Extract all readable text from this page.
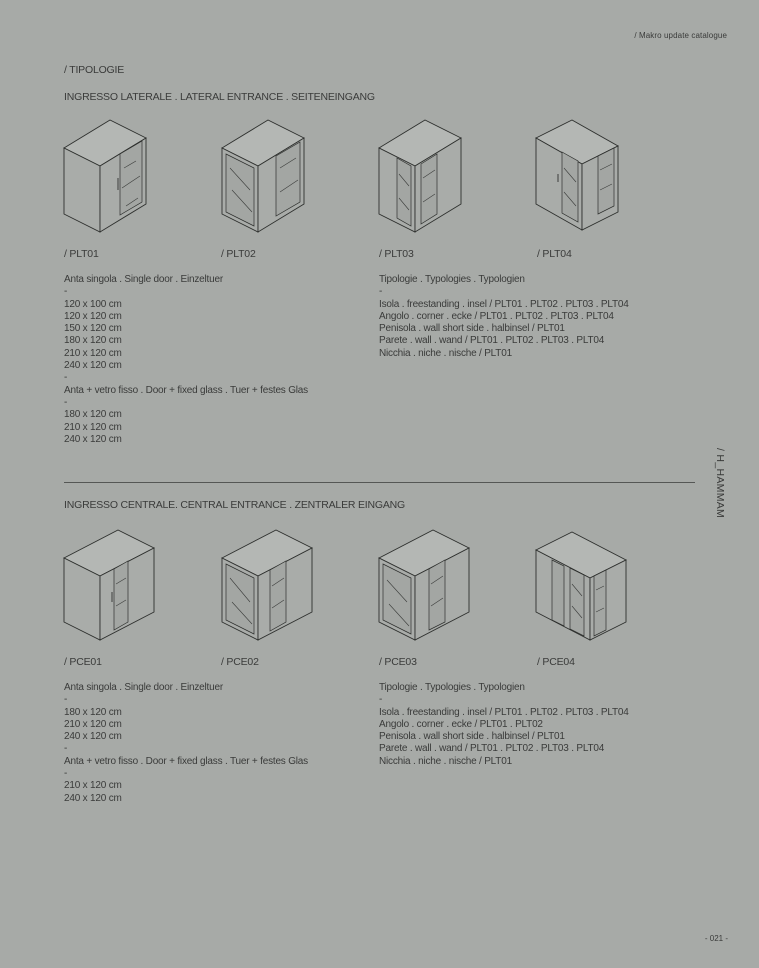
/ Makro update catalogue
/ TIPOLOGIE
INGRESSO LATERALE . LATERAL ENTRANCE . SEITENEINGANG
/ PLT01	/ PLT02	/ PLT03	/ PLT04
Anta singola . Single door . Einzeltuer
-
120 x 100 cm
120 x 120 cm
150 x 120 cm
180 x 120 cm
210 x 120 cm
240 x 120 cm
-
Anta + vetro fisso . Door + fixed glass . Tuer + festes Glas
-
180 x 120 cm
210 x 120 cm
240 x 120 cm
Tipologie . Typologies . Typologien
-
Isola . freestanding . insel / PLT01 . PLT02 . PLT03 . PLT04
Angolo . corner . ecke / PLT01 . PLT02 . PLT03 . PLT04
Penisola . wall short side . halbinsel / PLT01
Parete . wall . wand / PLT01 . PLT02 . PLT03 . PLT04
Nicchia . niche . nische / PLT01
/ H_HAMMAM
INGRESSO CENTRALE. CENTRAL ENTRANCE . ZENTRALER EINGANG
/ PCE01	/ PCE02	/ PCE03	/ PCE04
Anta singola . Single door . Einzeltuer
-
180 x 120 cm
210 x 120 cm
240 x 120 cm
-
Anta + vetro fisso . Door + fixed glass . Tuer + festes Glas
-
210 x 120 cm
240 x 120 cm
Tipologie . Typologies . Typologien
-
Isola . freestanding . insel / PLT01 . PLT02 . PLT03 . PLT04
Angolo . corner . ecke / PLT01 . PLT02
Penisola . wall short side . halbinsel / PLT01
Parete . wall . wand / PLT01 . PLT02 . PLT03 . PLT04
Nicchia . niche . nische / PLT01
- 021 -
